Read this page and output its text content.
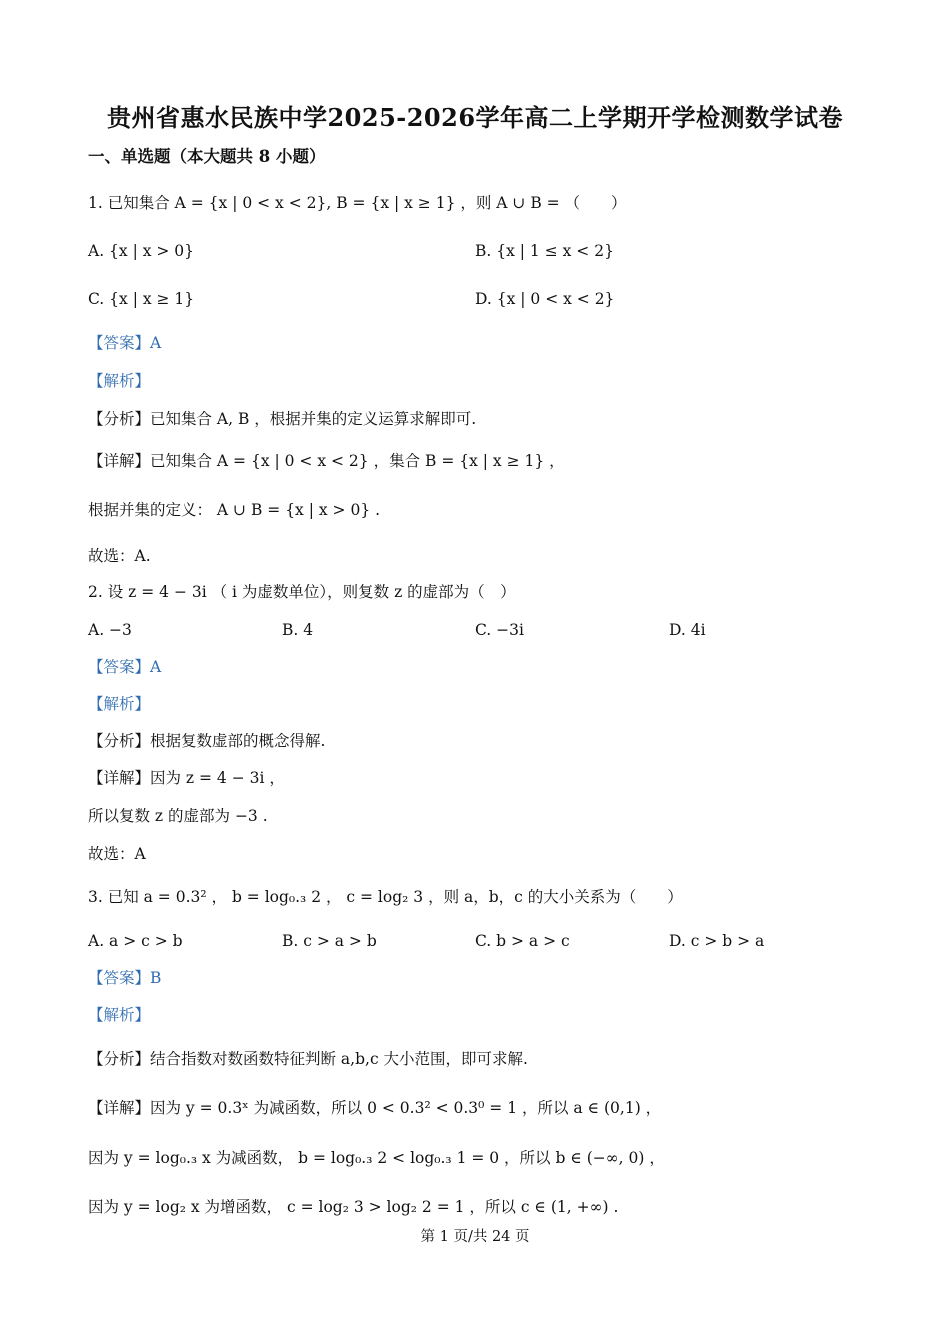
贵州省惠水民族中学2025-2026学年高二上学期开学检测数学试卷
一、单选题（本大题共 8 小题）
1. 已知集合 A = {x | 0 < x < 2}, B = {x | x ≥ 1} ，则 A ∪ B = （　　）
A. {x | x > 0}	B. {x | 1 ≤ x < 2}
C. {x | x ≥ 1}	D. {x | 0 < x < 2}
【答案】A
【解析】
【分析】已知集合 A, B ，根据并集的定义运算求解即可.
【详解】已知集合 A = {x | 0 < x < 2} ，集合 B = {x | x ≥ 1} ，
根据并集的定义： A ∪ B = {x | x > 0} .
故选：A.
2. 设 z = 4 − 3i （ i 为虚数单位），则复数 z 的虚部为（　）
A. −3	B. 4	C. −3i	D. 4i
【答案】A
【解析】
【分析】根据复数虚部的概念得解.
【详解】因为 z = 4 − 3i ，
所以复数 z 的虚部为 −3 .
故选：A
3. 已知 a = 0.3² ， b = log₀.₃ 2 ， c = log₂ 3 ，则 a，b，c 的大小关系为（　　）
A. a > c > b	B. c > a > b	C. b > a > c	D. c > b > a
【答案】B
【解析】
【分析】结合指数对数函数特征判断 a,b,c 大小范围，即可求解.
【详解】因为 y = 0.3ˣ 为减函数，所以 0 < 0.3² < 0.3⁰ = 1 ，所以 a ∈ (0,1) ，
因为 y = log₀.₃ x 为减函数， b = log₀.₃ 2 < log₀.₃ 1 = 0 ，所以 b ∈ (−∞, 0) ，
因为 y = log₂ x 为增函数， c = log₂ 3 > log₂ 2 = 1 ，所以 c ∈ (1, +∞) .
第 1 页/共 24 页
